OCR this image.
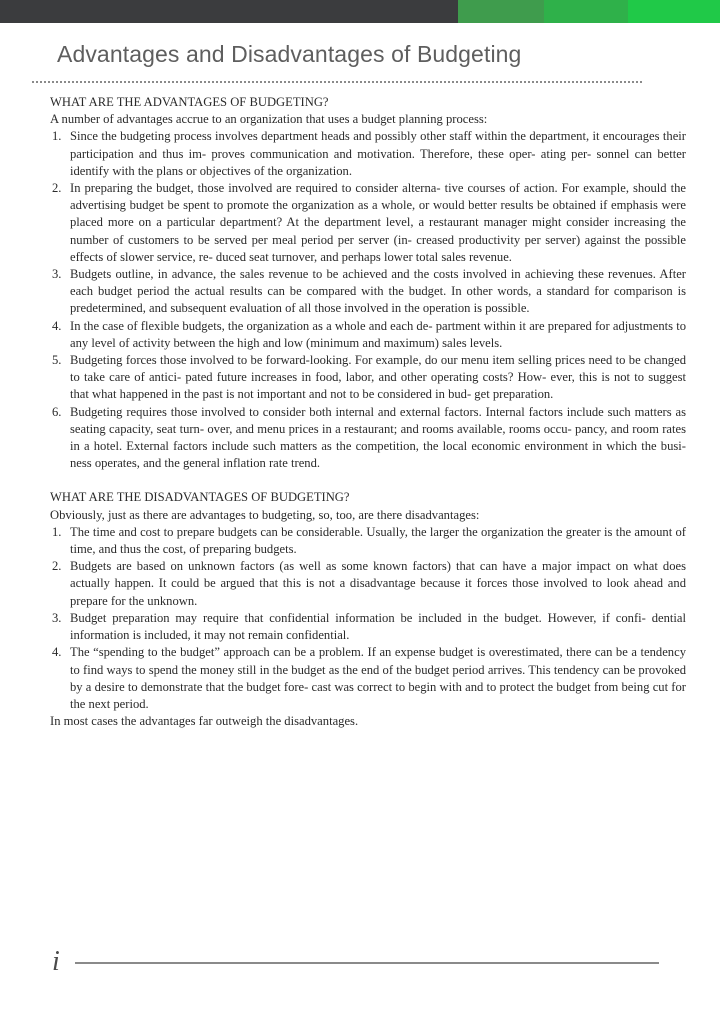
Advantages and Disadvantages of Budgeting
WHAT ARE THE ADVANTAGES OF BUDGETING?

A number of advantages accrue to an organization that uses a budget planning process:

1. Since the budgeting process involves department heads and possibly other staff within the department, it encourages their participation and thus im- proves communication and motivation. Therefore, these oper- ating per- sonnel can better identify with the plans or objectives of the organization.
2. In preparing the budget, those involved are required to consider alterna- tive courses of action. For example, should the advertising budget be spent to promote the organization as a whole, or would better results be obtained if emphasis were placed more on a particular department? At the department level, a restaurant manager might consider increasing the number of customers to be served per meal period per server (in- creased productivity per server) against the possible effects of slower service, re- duced seat turnover, and perhaps lower total sales revenue.
3. Budgets outline, in advance, the sales revenue to be achieved and the costs involved in achieving these revenues. After each budget period the actual results can be compared with the budget. In other words, a standard for comparison is predetermined, and subsequent evaluation of all those involved in the operation is possible.
4. In the case of flexible budgets, the organization as a whole and each de- partment within it are prepared for adjustments to any level of activity between the high and low (minimum and maximum) sales levels.
5. Budgeting forces those involved to be forward-looking. For example, do our menu item selling prices need to be changed to take care of antici- pated future increases in food, labor, and other operating costs? How- ever, this is not to suggest that what happened in the past is not important and not to be considered in bud- get preparation.
6. Budgeting requires those involved to consider both internal and external factors. Internal factors include such matters as seating capacity, seat turn- over, and menu prices in a restaurant; and rooms available, rooms occu- pancy, and room rates in a hotel. External factors include such matters as the competition, the local economic environment in which the busi- ness operates, and the general inflation rate trend.
WHAT ARE THE DISADVANTAGES OF BUDGETING?

Obviously, just as there are advantages to budgeting, so, too, are there disadvantages:

1. The time and cost to prepare budgets can be considerable. Usually, the larger the organization the greater is the amount of time, and thus the cost, of preparing budgets.
2. Budgets are based on unknown factors (as well as some known factors) that can have a major impact on what does actually happen. It could be argued that this is not a disadvantage because it forces those involved to look ahead and prepare for the unknown.
3. Budget preparation may require that confidential information be included in the budget. However, if confi- dential information is included, it may not remain confidential.
4. The “spending to the budget” approach can be a problem. If an expense budget is overestimated, there can be a tendency to find ways to spend the money still in the budget as the end of the budget period arrives. This tendency can be provoked by a desire to demonstrate that the budget fore- cast was correct to begin with and to protect the budget from being cut for the next period.

In most cases the advantages far outweigh the disadvantages.

i
